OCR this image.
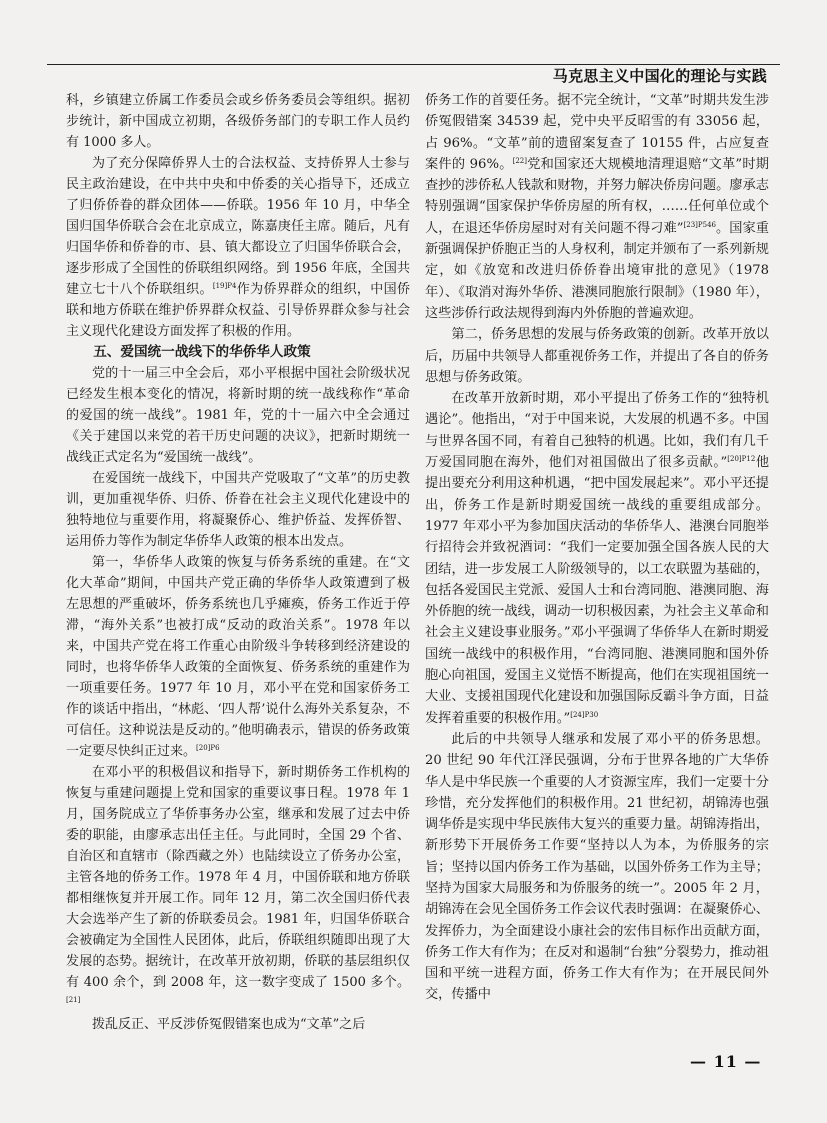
马克思主义中国化的理论与实践

科，乡镇建立侨属工作委员会或乡侨务委员会等组织。据初步统计，新中国成立初期，各级侨务部门的专职工作人员约有 1000 多人。

为了充分保障侨界人士的合法权益、支持侨界人士参与民主政治建设，在中共中央和中侨委的关心指导下，还成立了归侨侨眷的群众团体——侨联。1956 年 10 月，中华全国归国华侨联合会在北京成立，陈嘉庚任主席。随后，凡有归国华侨和侨眷的市、县、镇大都设立了归国华侨联合会，逐步形成了全国性的侨联组织网络。到 1956 年底，全国共建立七十八个侨联组织。$^{[19]P4}$作为侨界群众的组织，中国侨联和地方侨联在维护侨界群众权益、引导侨界群众参与社会主义现代化建设方面发挥了积极的作用。

五、爱国统一战线下的华侨华人政策

党的十一届三中全会后，邓小平根据中国社会阶级状况已经发生根本变化的情况，将新时期的统一战线称作“革命的爱国的统一战线”。1981 年，党的十一届六中全会通过《关于建国以来党的若干历史问题的决议》，把新时期统一战线正式定名为“爱国统一战线”。

在爱国统一战线下，中国共产党吸取了“文革”的历史教训，更加重视华侨、归侨、侨眷在社会主义现代化建设中的独特地位与重要作用，将凝聚侨心、维护侨益、发挥侨智、运用侨力等作为制定华侨华人政策的根本出发点。

第一，华侨华人政策的恢复与侨务系统的重建。在“文化大革命”期间，中国共产党正确的华侨华人政策遭到了极左思想的严重破坏，侨务系统也几乎瘫痪，侨务工作近于停滞，“海外关系”也被打成“反动的政治关系”。1978 年以来，中国共产党在将工作重心由阶级斗争转移到经济建设的同时，也将华侨华人政策的全面恢复、侨务系统的重建作为一项重要任务。1977 年 10 月，邓小平在党和国家侨务工作的谈话中指出，“林彪、‘四人帮’说什么海外关系复杂，不可信任。这种说法是反动的。”他明确表示，错误的侨务政策一定要尽快纠正过来。$^{[20]P6}$

在邓小平的积极倡议和指导下，新时期侨务工作机构的恢复与重建问题提上党和国家的重要议事日程。1978 年 1 月，国务院成立了华侨事务办公室，继承和发展了过去中侨委的职能，由廖承志出任主任。与此同时，全国 29 个省、自治区和直辖市（除西藏之外）也陆续设立了侨务办公室，主管各地的侨务工作。1978 年 4 月，中国侨联和地方侨联都相继恢复并开展工作。同年 12 月，第二次全国归侨代表大会选举产生了新的侨联委员会。1981 年，归国华侨联合会被确定为全国性人民团体，此后，侨联组织随即出现了大发展的态势。据统计，在改革开放初期，侨联的基层组织仅有 400 余个，到 2008 年，这一数字变成了 1500 多个。[21]

拨乱反正、平反涉侨冤假错案也成为“文革”之后

侨务工作的首要任务。据不完全统计，“文革”时期共发生涉侨冤假错案 34539 起，党中央平反昭雪的有 33056 起，占 96%。“文革”前的遗留案复查了 10155 件，占应复查案件的 96%。[22]党和国家还大规模地清理退赔“文革”时期查抄的涉侨私人钱款和财物，并努力解决侨房问题。廖承志特别强调“国家保护华侨房屋的所有权，……任何单位或个人，在退还华侨房屋时对有关问题不得刁难”$^{[23]P546}$。国家重新强调保护侨胞正当的人身权利，制定并颁布了一系列新规定，如《放宽和改进归侨侨眷出境审批的意见》（1978 年）、《取消对海外华侨、港澳同胞旅行限制》（1980 年），这些涉侨行政法规得到海内外侨胞的普遍欢迎。

第二，侨务思想的发展与侨务政策的创新。改革开放以后，历届中共领导人都重视侨务工作，并提出了各自的侨务思想与侨务政策。

在改革开放新时期，邓小平提出了侨务工作的“独特机遇论”。他指出，“对于中国来说，大发展的机遇不多。中国与世界各国不同，有着自己独特的机遇。比如，我们有几千万爱国同胞在海外，他们对祖国做出了很多贡献。”$^{[20]P12}$他提出要充分利用这种机遇，“把中国发展起来”。邓小平还提出，侨务工作是新时期爱国统一战线的重要组成部分。1977 年邓小平为参加国庆活动的华侨华人、港澳台同胞举行招待会并致祝酒词：“我们一定要加强全国各族人民的大团结，进一步发展工人阶级领导的，以工农联盟为基础的，包括各爱国民主党派、爱国人士和台湾同胞、港澳同胞、海外侨胞的统一战线，调动一切积极因素，为社会主义革命和社会主义建设事业服务。”邓小平强调了华侨华人在新时期爱国统一战线中的积极作用，“台湾同胞、港澳同胞和国外侨胞心向祖国，爱国主义觉悟不断提高，他们在实现祖国统一大业、支援祖国现代化建设和加强国际反霸斗争方面，日益发挥着重要的积极作用。”$^{[24]P30}$

此后的中共领导人继承和发展了邓小平的侨务思想。20 世纪 90 年代江泽民强调，分布于世界各地的广大华侨华人是中华民族一个重要的人才资源宝库，我们一定要十分珍惜，充分发挥他们的积极作用。21 世纪初，胡锦涛也强调华侨是实现中华民族伟大复兴的重要力量。胡锦涛指出，新形势下开展侨务工作要“坚持以人为本，为侨服务的宗旨；坚持以国内侨务工作为基础，以国外侨务工作为主导；坚持为国家大局服务和为侨服务的统一”。2005 年 2 月，胡锦涛在会见全国侨务工作会议代表时强调：在凝聚侨心、发挥侨力，为全面建设小康社会的宏伟目标作出贡献方面，侨务工作大有作为；在反对和遏制“台独”分裂势力，推动祖国和平统一进程方面，侨务工作大有作为；在开展民间外交，传播中

— 11 —
